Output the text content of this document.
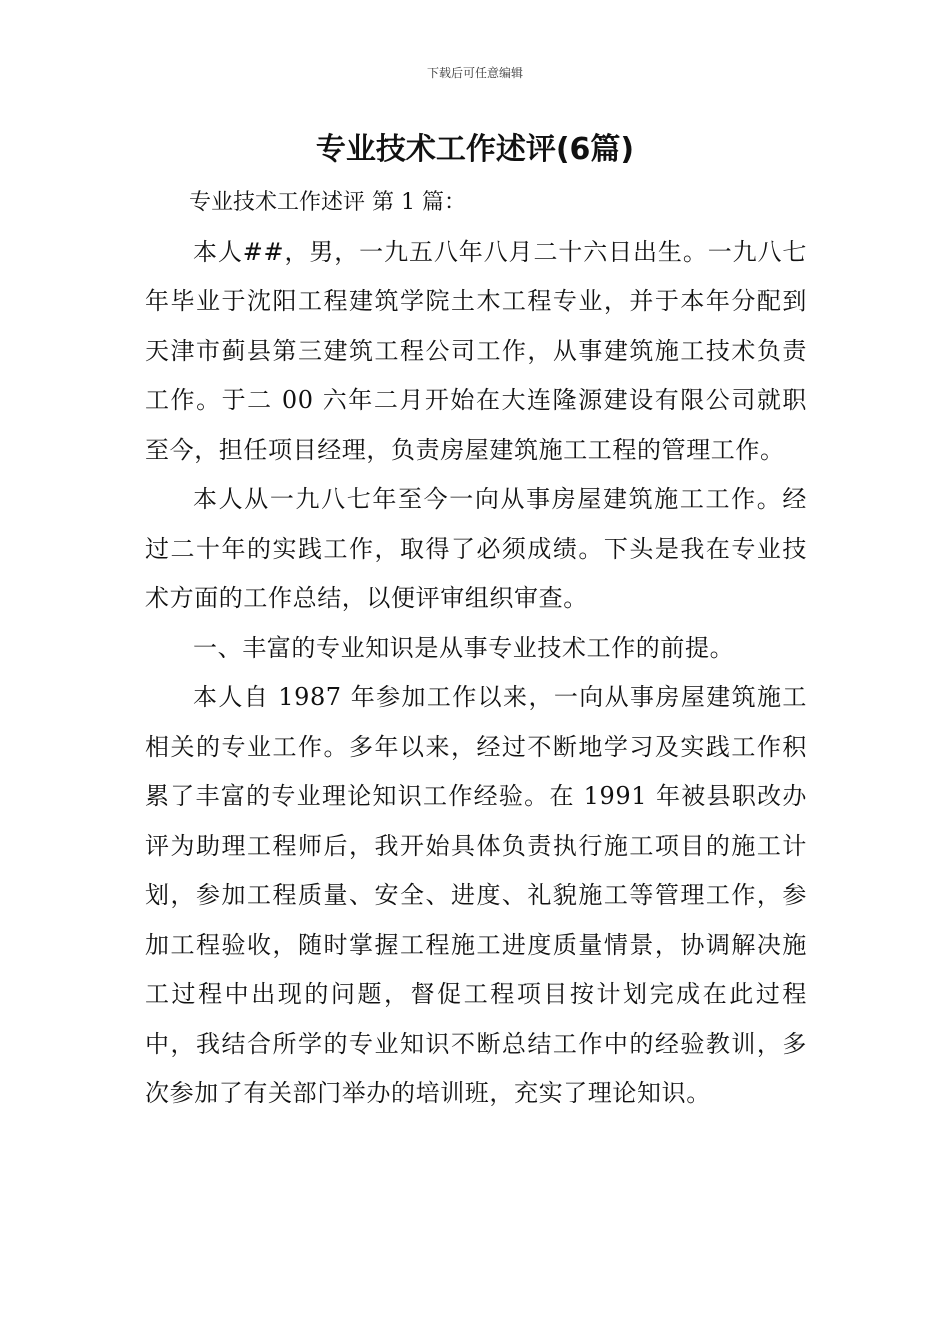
下载后可任意编辑
专业技术工作述评(6篇)

专业技术工作述评 第 1 篇：

本人##，男，一九五八年八月二十六日出生。一九八七年毕业于沈阳工程建筑学院土木工程专业，并于本年分配到天津市蓟县第三建筑工程公司工作，从事建筑施工技术负责工作。于二 00 六年二月开始在大连隆源建设有限公司就职至今，担任项目经理，负责房屋建筑施工工程的管理工作。

本人从一九八七年至今一向从事房屋建筑施工工作。经过二十年的实践工作，取得了必须成绩。下头是我在专业技术方面的工作总结，以便评审组织审查。

一、丰富的专业知识是从事专业技术工作的前提。

本人自 1987 年参加工作以来，一向从事房屋建筑施工相关的专业工作。多年以来，经过不断地学习及实践工作积累了丰富的专业理论知识工作经验。在 1991 年被县职改办评为助理工程师后，我开始具体负责执行施工项目的施工计划，参加工程质量、安全、进度、礼貌施工等管理工作，参加工程验收，随时掌握工程施工进度质量情景，协调解决施工过程中出现的问题，督促工程项目按计划完成在此过程中，我结合所学的专业知识不断总结工作中的经验教训，多次参加了有关部门举办的培训班，充实了理论知识。
